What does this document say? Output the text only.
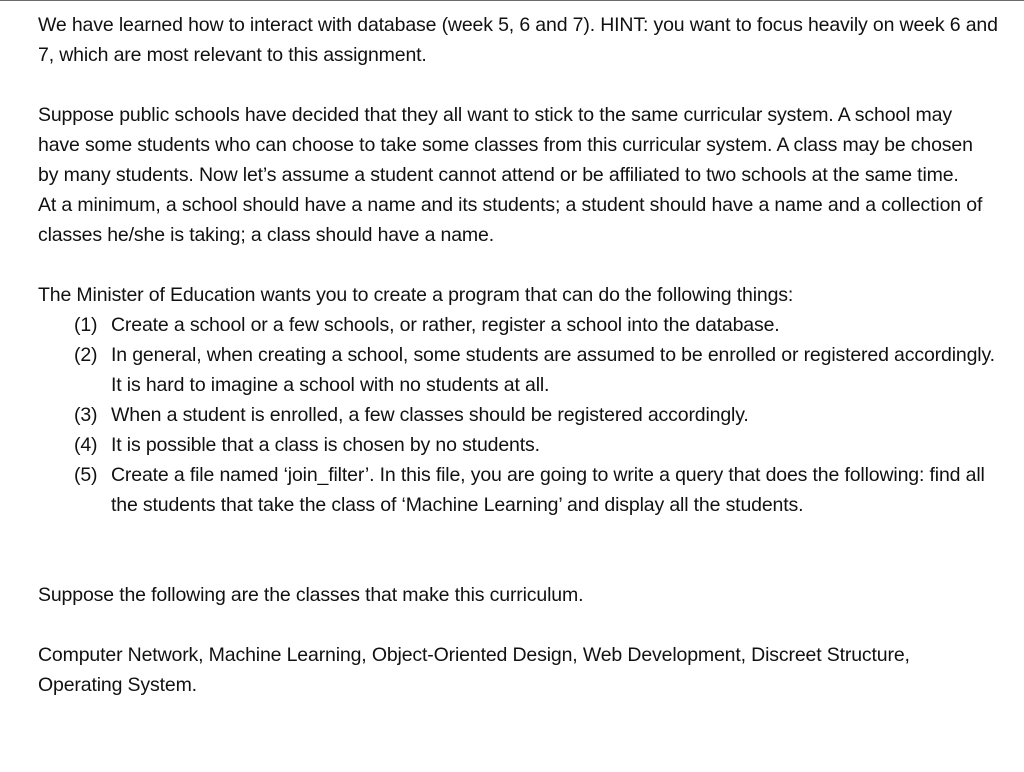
We have learned how to interact with database (week 5, 6 and 7). HINT: you want to focus heavily on week 6 and 7, which are most relevant to this assignment.

Suppose public schools have decided that they all want to stick to the same curricular system. A school may have some students who can choose to take some classes from this curricular system. A class may be chosen by many students. Now let’s assume a student cannot attend or be affiliated to two schools at the same time.

At a minimum, a school should have a name and its students; a student should have a name and a collection of classes he/she is taking; a class should have a name.

The Minister of Education wants you to create a program that can do the following things:

(1) Create a school or a few schools, or rather, register a school into the database.
(2) In general, when creating a school, some students are assumed to be enrolled or registered accordingly. It is hard to imagine a school with no students at all.
(3) When a student is enrolled, a few classes should be registered accordingly.
(4) It is possible that a class is chosen by no students.
(5) Create a file named ‘join_filter’. In this file, you are going to write a query that does the following: find all the students that take the class of ‘Machine Learning’ and display all the students.

Suppose the following are the classes that make this curriculum.

Computer Network, Machine Learning, Object-Oriented Design, Web Development, Discreet Structure, Operating System.
